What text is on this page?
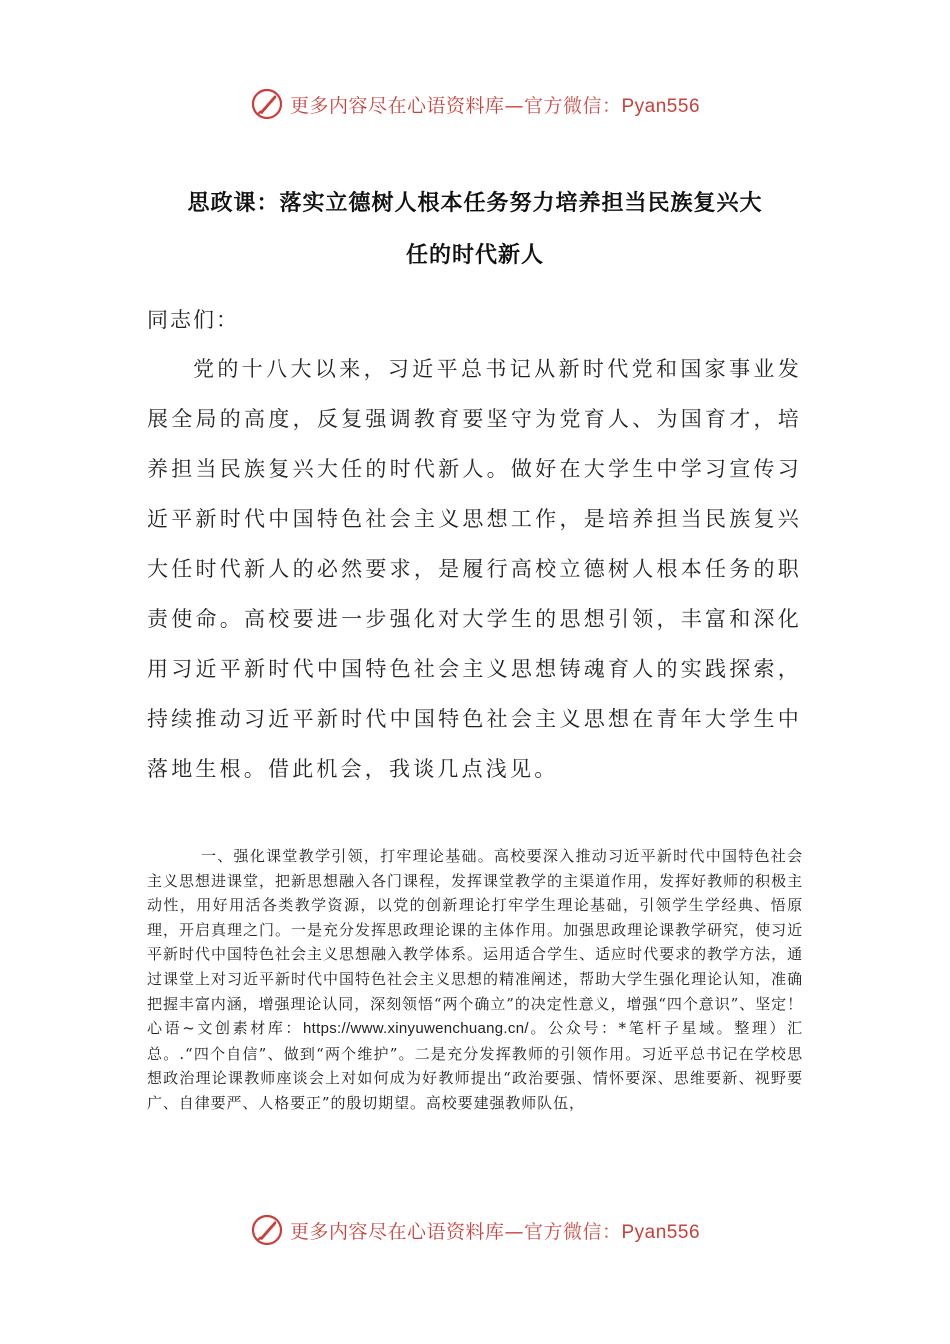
更多内容尽在心语资料库—官方微信：Pyan556
思政课：落实立德树人根本任务努力培养担当民族复兴大
任的时代新人
同志们：

党的十八大以来，习近平总书记从新时代党和国家事业发展全局的高度，反复强调教育要坚守为党育人、为国育才，培养担当民族复兴大任的时代新人。做好在大学生中学习宣传习近平新时代中国特色社会主义思想工作，是培养担当民族复兴大任时代新人的必然要求，是履行高校立德树人根本任务的职责使命。高校要进一步强化对大学生的思想引领，丰富和深化用习近平新时代中国特色社会主义思想铸魂育人的实践探索，持续推动习近平新时代中国特色社会主义思想在青年大学生中落地生根。借此机会，我谈几点浅见。

一、强化课堂教学引领，打牢理论基础。高校要深入推动习近平新时代中国特色社会主义思想进课堂，把新思想融入各门课程，发挥课堂教学的主渠道作用，发挥好教师的积极主动性，用好用活各类教学资源，以党的创新理论打牢学生理论基础，引领学生学经典、悟原理，开启真理之门。一是充分发挥思政理论课的主体作用。加强思政理论课教学研究，使习近平新时代中国特色社会主义思想融入教学体系。运用适合学生、适应时代要求的教学方法，通过课堂上对习近平新时代中国特色社会主义思想的精准阐述，帮助大学生强化理论认知，准确把握丰富内涵，增强理论认同，深刻领悟“两个确立”的决定性意义，增强“四个意识”、坚定！心语~文创素材库：https://www.xinyuwenchuang.cn/。公众号：*笔杆子星域。整理）汇总。.“四个自信”、做到“两个维护”。二是充分发挥教师的引领作用。习近平总书记在学校思想政治理论课教师座谈会上对如何成为好教师提出“政治要强、情怀要深、思维要新、视野要广、自律要严、人格要正”的殷切期望。高校要建强教师队伍，

更多内容尽在心语资料库—官方微信：Pyan556
